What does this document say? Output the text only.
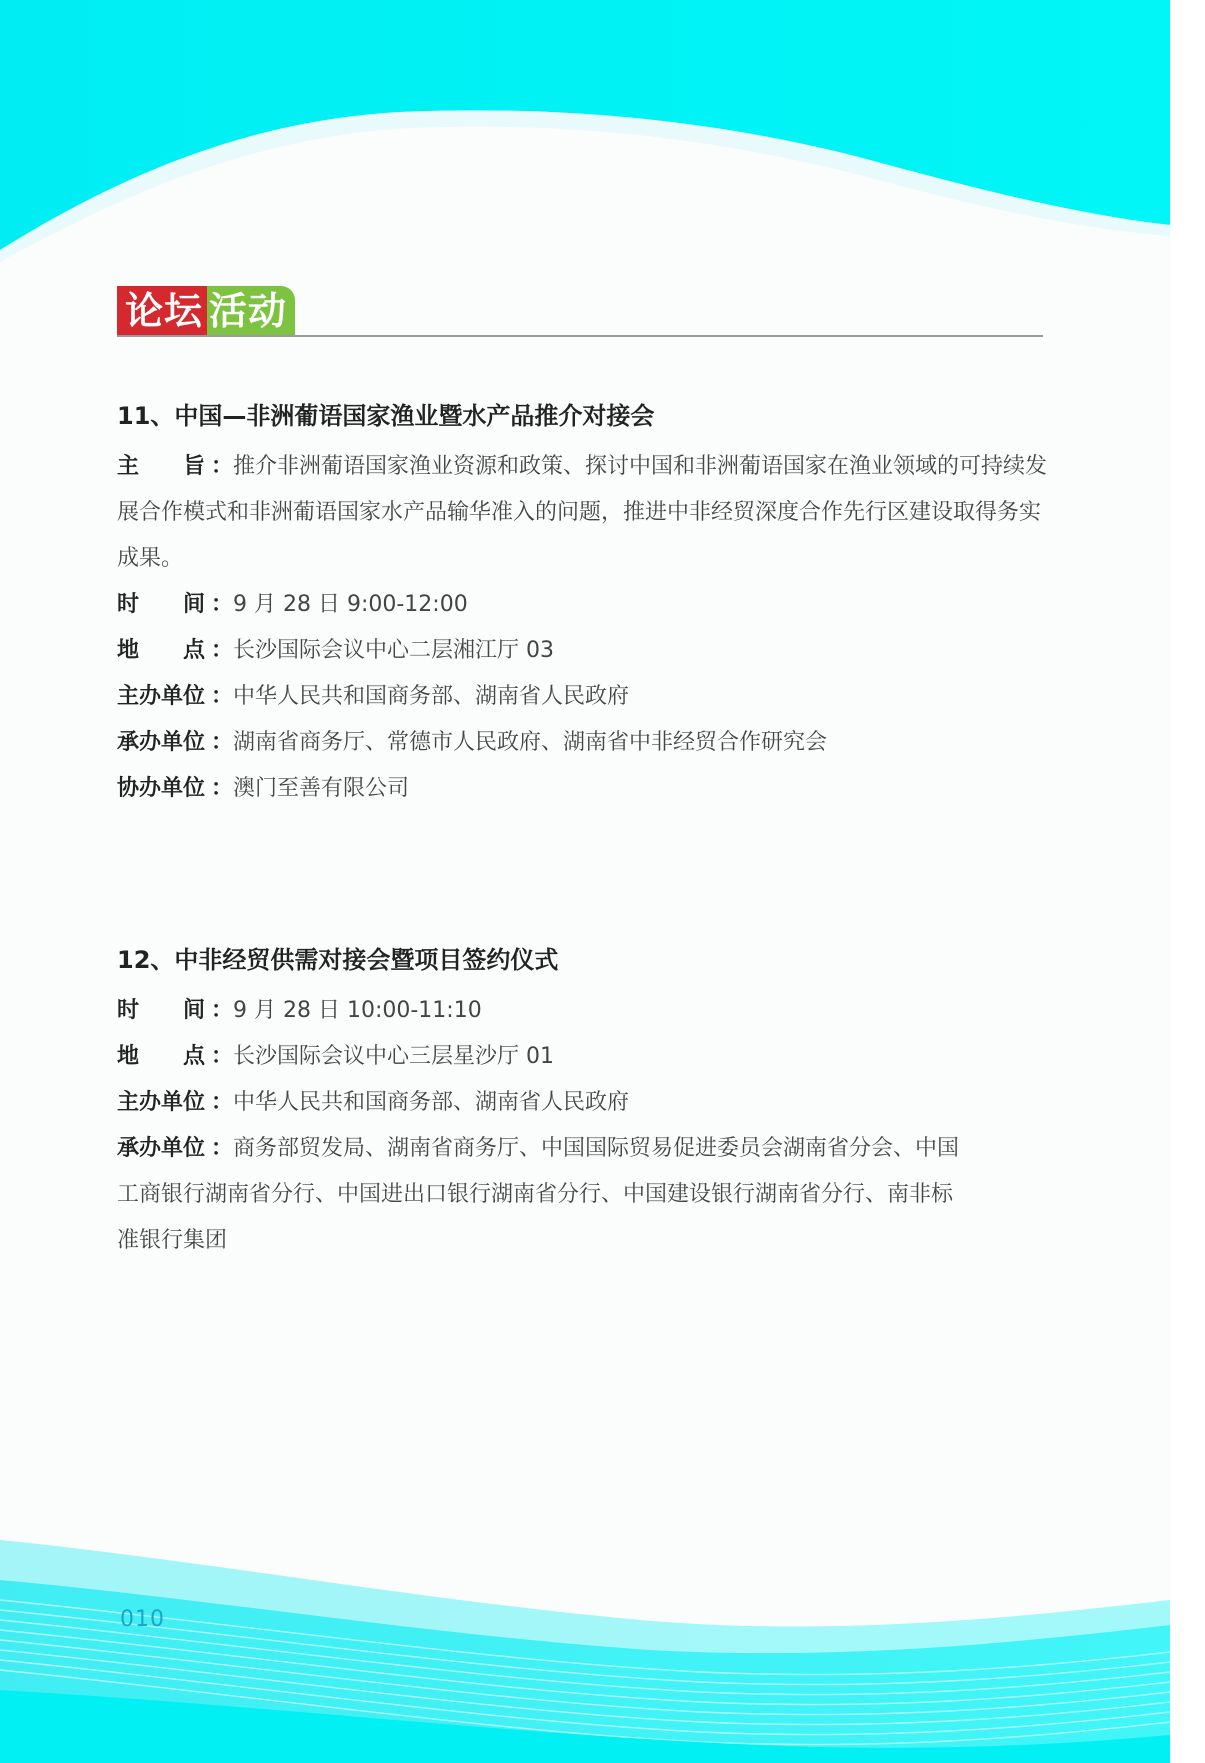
论坛 活动
11、中国—非洲葡语国家渔业暨水产品推介对接会
主　　旨 ： 推介非洲葡语国家渔业资源和政策、探讨中国和非洲葡语国家在渔业领域的可持续发展合作模式和非洲葡语国家水产品输华准入的问题，推进中非经贸深度合作先行区建设取得务实成果。
时　　间 ： 9 月 28 日 9:00-12:00
地　　点 ： 长沙国际会议中心二层湘江厅 03
主办单位 ： 中华人民共和国商务部、湖南省人民政府
承办单位 ： 湖南省商务厅、常德市人民政府、湖南省中非经贸合作研究会
协办单位 ： 澳门至善有限公司
12、中非经贸供需对接会暨项目签约仪式
时　　间 ： 9 月 28 日 10:00-11:10
地　　点 ： 长沙国际会议中心三层星沙厅 01
主办单位 ： 中华人民共和国商务部、湖南省人民政府
承办单位 ： 商务部贸发局、湖南省商务厅、中国国际贸易促进委员会湖南省分会、中国工商银行湖南省分行、中国进出口银行湖南省分行、中国建设银行湖南省分行、南非标准银行集团
010
